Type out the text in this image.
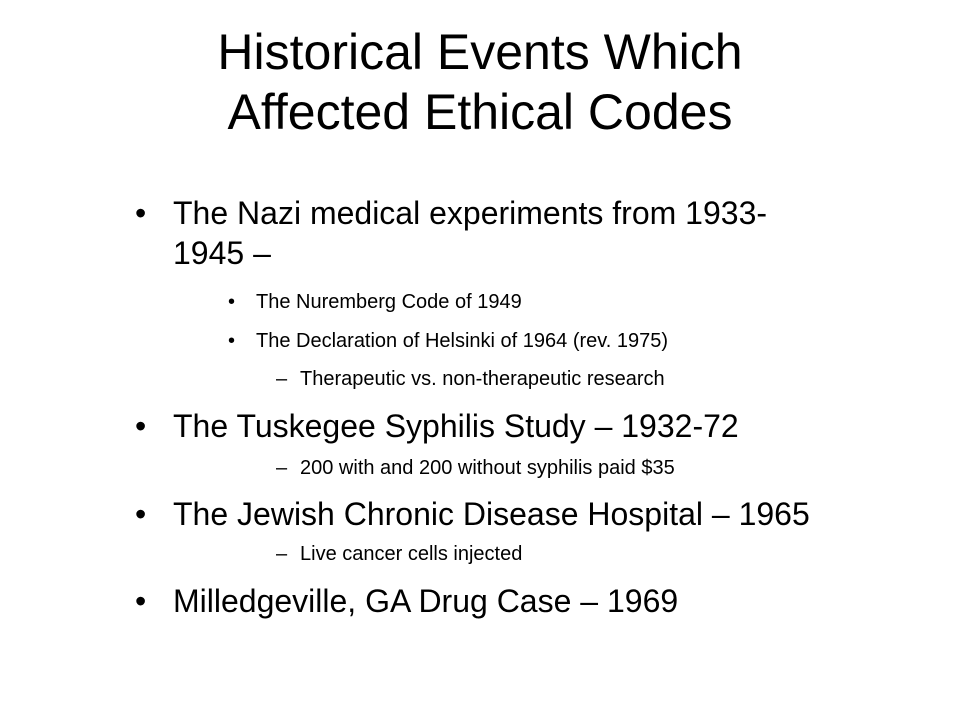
Historical Events Which
Affected Ethical Codes
• The Nazi medical experiments from 1933-
1945 –
• The Nuremberg Code of 1949
• The Declaration of Helsinki of 1964 (rev. 1975)
– Therapeutic vs. non-therapeutic research
• The Tuskegee Syphilis Study – 1932-72
– 200 with and 200 without syphilis paid $35
• The Jewish Chronic Disease Hospital – 1965
– Live cancer cells injected
• Milledgeville, GA Drug Case – 1969
